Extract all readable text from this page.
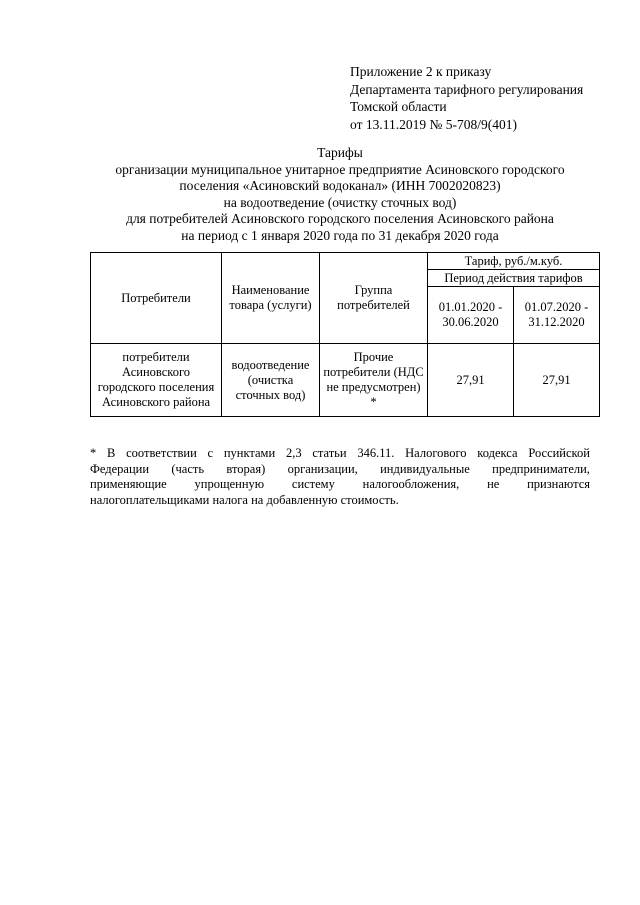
Приложение 2 к приказу
Департамента тарифного регулирования
Томской области
от 13.11.2019 № 5-708/9(401)
Тарифы
организации муниципальное унитарное предприятие Асиновского городского
поселения «Асиновский водоканал» (ИНН 7002020823)
на водоотведение (очистку сточных вод)
для потребителей Асиновского городского поселения Асиновского района
на период с 1 января 2020 года по 31 декабря 2020 года
Потребители	Наименование товара (услуги)	Группа потребителей	Тариф, руб./м.куб.	
			Период действия тарифов	
			01.01.2020 - 30.06.2020	01.07.2020 - 31.12.2020
потребители Асиновского городского поселения Асиновского района	водоотведение (очистка сточных вод)	Прочие потребители (НДС не предусмотрен) *	27,91	27,91
* В соответствии с пунктами 2,3 статьи 346.11. Налогового кодекса Российской
Федерации (часть вторая) организации, индивидуальные предприниматели,
применяющие упрощенную систему налогообложения, не признаются
налогоплательщиками налога на добавленную стоимость.
